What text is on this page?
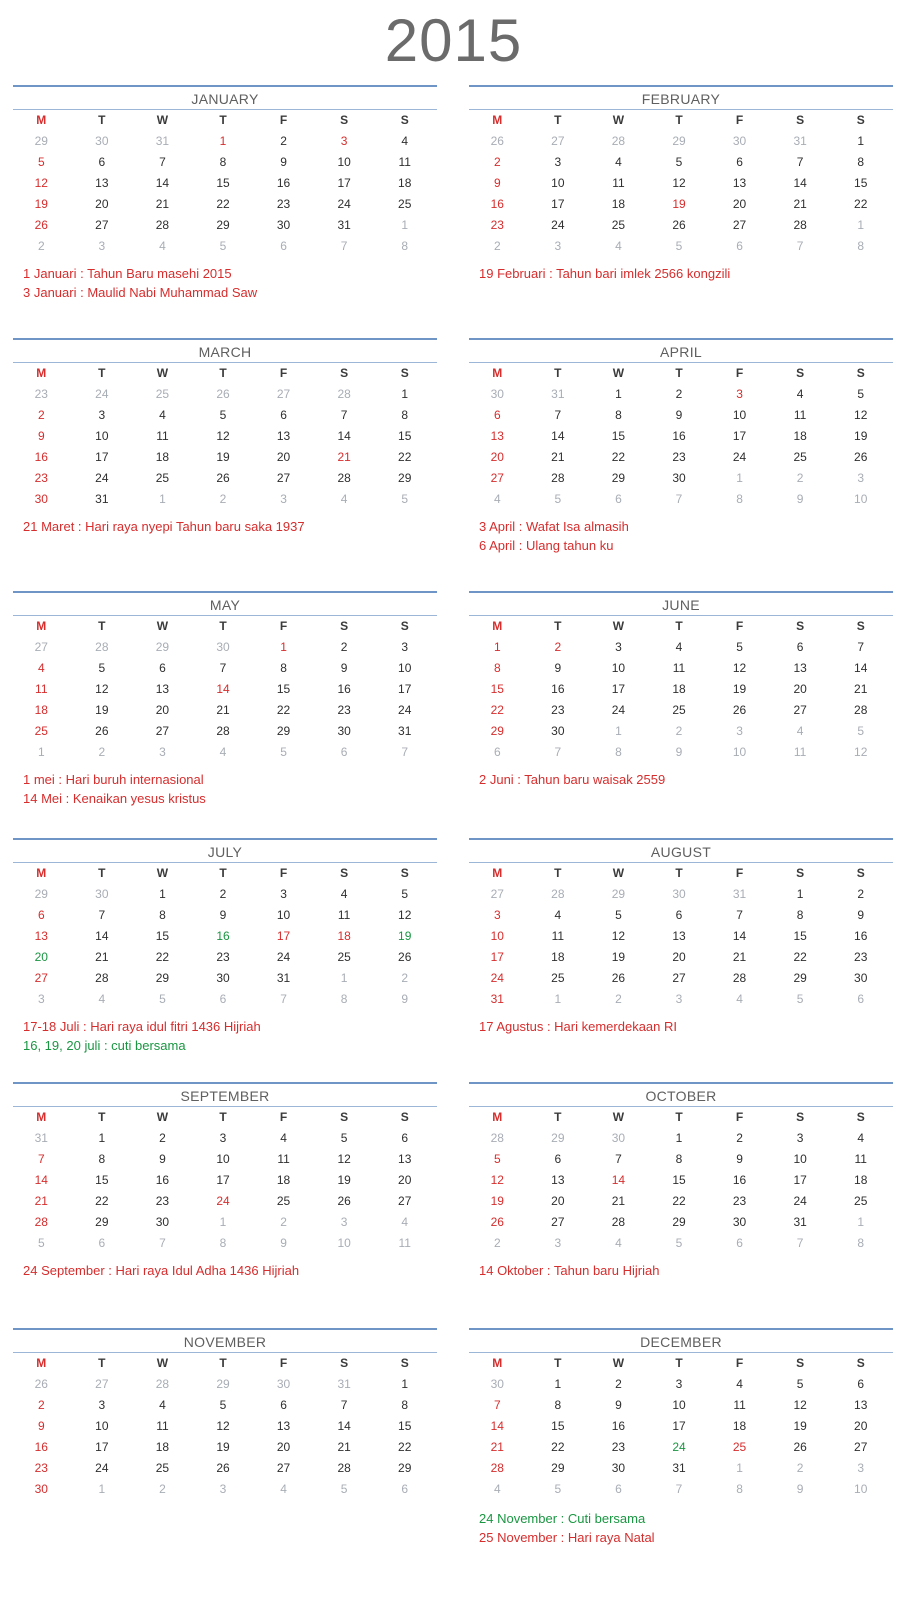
2015
JANUARY
M	T	W	T	F	S	S
29	30	31	1	2	3	4
5	6	7	8	9	10	11
12	13	14	15	16	17	18
19	20	21	22	23	24	25
26	27	28	29	30	31	1
2	3	4	5	6	7	8
1 Januari : Tahun Baru masehi 2015
3 Januari : Maulid Nabi Muhammad Saw
FEBRUARY
M	T	W	T	F	S	S
26	27	28	29	30	31	1
2	3	4	5	6	7	8
9	10	11	12	13	14	15
16	17	18	19	20	21	22
23	24	25	26	27	28	1
2	3	4	5	6	7	8
19 Februari : Tahun bari imlek 2566 kongzili
MARCH
M	T	W	T	F	S	S
23	24	25	26	27	28	1
2	3	4	5	6	7	8
9	10	11	12	13	14	15
16	17	18	19	20	21	22
23	24	25	26	27	28	29
30	31	1	2	3	4	5
21 Maret : Hari raya nyepi Tahun baru saka 1937
APRIL
M	T	W	T	F	S	S
30	31	1	2	3	4	5
6	7	8	9	10	11	12
13	14	15	16	17	18	19
20	21	22	23	24	25	26
27	28	29	30	1	2	3
4	5	6	7	8	9	10
3 April : Wafat Isa almasih
6 April : Ulang tahun ku
MAY
M	T	W	T	F	S	S
27	28	29	30	1	2	3
4	5	6	7	8	9	10
11	12	13	14	15	16	17
18	19	20	21	22	23	24
25	26	27	28	29	30	31
1	2	3	4	5	6	7
1 mei : Hari buruh internasional
14 Mei : Kenaikan yesus kristus
JUNE
M	T	W	T	F	S	S
1	2	3	4	5	6	7
8	9	10	11	12	13	14
15	16	17	18	19	20	21
22	23	24	25	26	27	28
29	30	1	2	3	4	5
6	7	8	9	10	11	12
2 Juni : Tahun baru waisak 2559
JULY
M	T	W	T	F	S	S
29	30	1	2	3	4	5
6	7	8	9	10	11	12
13	14	15	16	17	18	19
20	21	22	23	24	25	26
27	28	29	30	31	1	2
3	4	5	6	7	8	9
17-18 Juli : Hari raya idul fitri 1436 Hijriah
16, 19, 20 juli : cuti bersama
AUGUST
M	T	W	T	F	S	S
27	28	29	30	31	1	2
3	4	5	6	7	8	9
10	11	12	13	14	15	16
17	18	19	20	21	22	23
24	25	26	27	28	29	30
31	1	2	3	4	5	6
17 Agustus : Hari kemerdekaan RI
SEPTEMBER
M	T	W	T	F	S	S
31	1	2	3	4	5	6
7	8	9	10	11	12	13
14	15	16	17	18	19	20
21	22	23	24	25	26	27
28	29	30	1	2	3	4
5	6	7	8	9	10	11
24 September : Hari raya Idul Adha 1436 Hijriah
OCTOBER
M	T	W	T	F	S	S
28	29	30	1	2	3	4
5	6	7	8	9	10	11
12	13	14	15	16	17	18
19	20	21	22	23	24	25
26	27	28	29	30	31	1
2	3	4	5	6	7	8
14 Oktober : Tahun baru Hijriah
NOVEMBER
M	T	W	T	F	S	S
26	27	28	29	30	31	1
2	3	4	5	6	7	8
9	10	11	12	13	14	15
16	17	18	19	20	21	22
23	24	25	26	27	28	29
30	1	2	3	4	5	6
DECEMBER
M	T	W	T	F	S	S
30	1	2	3	4	5	6
7	8	9	10	11	12	13
14	15	16	17	18	19	20
21	22	23	24	25	26	27
28	29	30	31	1	2	3
4	5	6	7	8	9	10
24 November : Cuti bersama
25 November : Hari raya Natal
